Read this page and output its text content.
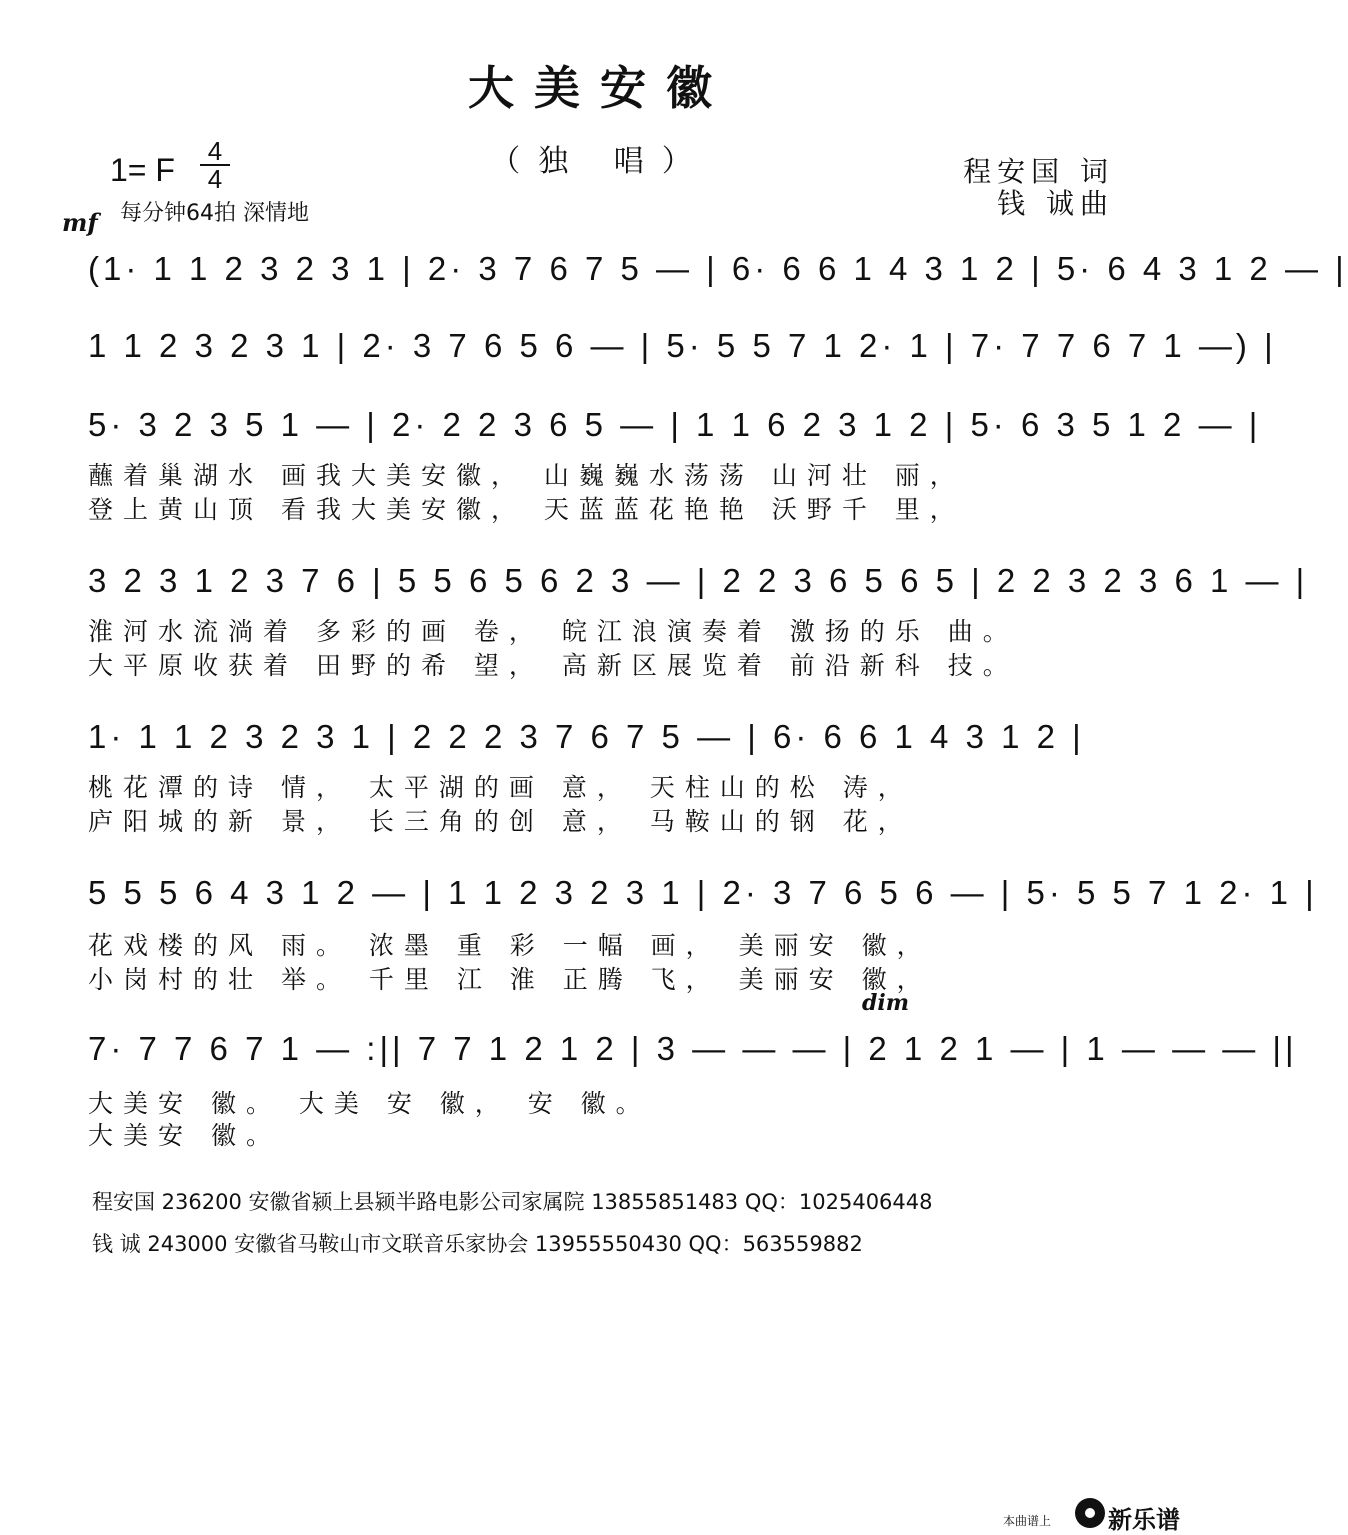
大美安徽
（独 唱）
1= F
4
4
每分钟64拍 深情地
mf
程安国 词
钱 诚曲
(1· 1 1 2 3 2 3 1 | 2· 3 7 6 7 5 — | 6· 6 6 1 4 3 1 2 | 5· 6 4 3 1 2 — |
1 1 2 3 2 3 1 | 2· 3 7 6 5 6 — | 5· 5 5 7 1 2· 1 | 7· 7 7 6 7 1 —) |
5· 3 2 3 5 1 — | 2· 2 2 3 6 5 — | 1 1 6 2 3 1 2 | 5· 6 3 5 1 2 — |
蘸着巢湖水 画我大美安徽， 山巍巍水荡荡 山河壮 丽，
登上黄山顶 看我大美安徽， 天蓝蓝花艳艳 沃野千 里，
3 2 3 1 2 3 7 6 | 5 5 6 5 6 2 3 — | 2 2 3 6 5 6 5 | 2 2 3 2 3 6 1 — |
淮河水流淌着 多彩的画 卷， 皖江浪演奏着 激扬的乐 曲。
大平原收获着 田野的希 望， 高新区展览着 前沿新科 技。
1· 1 1 2 3 2 3 1 | 2 2 2 3 7 6 7 5 — | 6· 6 6 1 4 3 1 2 |
桃花潭的诗 情， 太平湖的画 意， 天柱山的松 涛，
庐阳城的新 景， 长三角的创 意， 马鞍山的钢 花，
5 5 5 6 4 3 1 2 — | 1 1 2 3 2 3 1 | 2· 3 7 6 5 6 — | 5· 5 5 7 1 2· 1 |
花戏楼的风 雨。 浓墨 重 彩 一幅 画， 美丽安 徽，
小岗村的壮 举。 千里 江 淮 正腾 飞， 美丽安 徽，
dim
7· 7 7 6 7 1 — :|| 7 7 1 2 1 2 | 3 — — — | 2 1 2 1 — | 1 — — — ||
大美安 徽。 大美 安 徽， 安 徽。
大美安 徽。
程安国 236200 安徽省颍上县颍半路电影公司家属院 13855851483 QQ：1025406448
钱 诚 243000 安徽省马鞍山市文联音乐家协会 13955550430 QQ：563559882
本曲谱上 新乐谱
